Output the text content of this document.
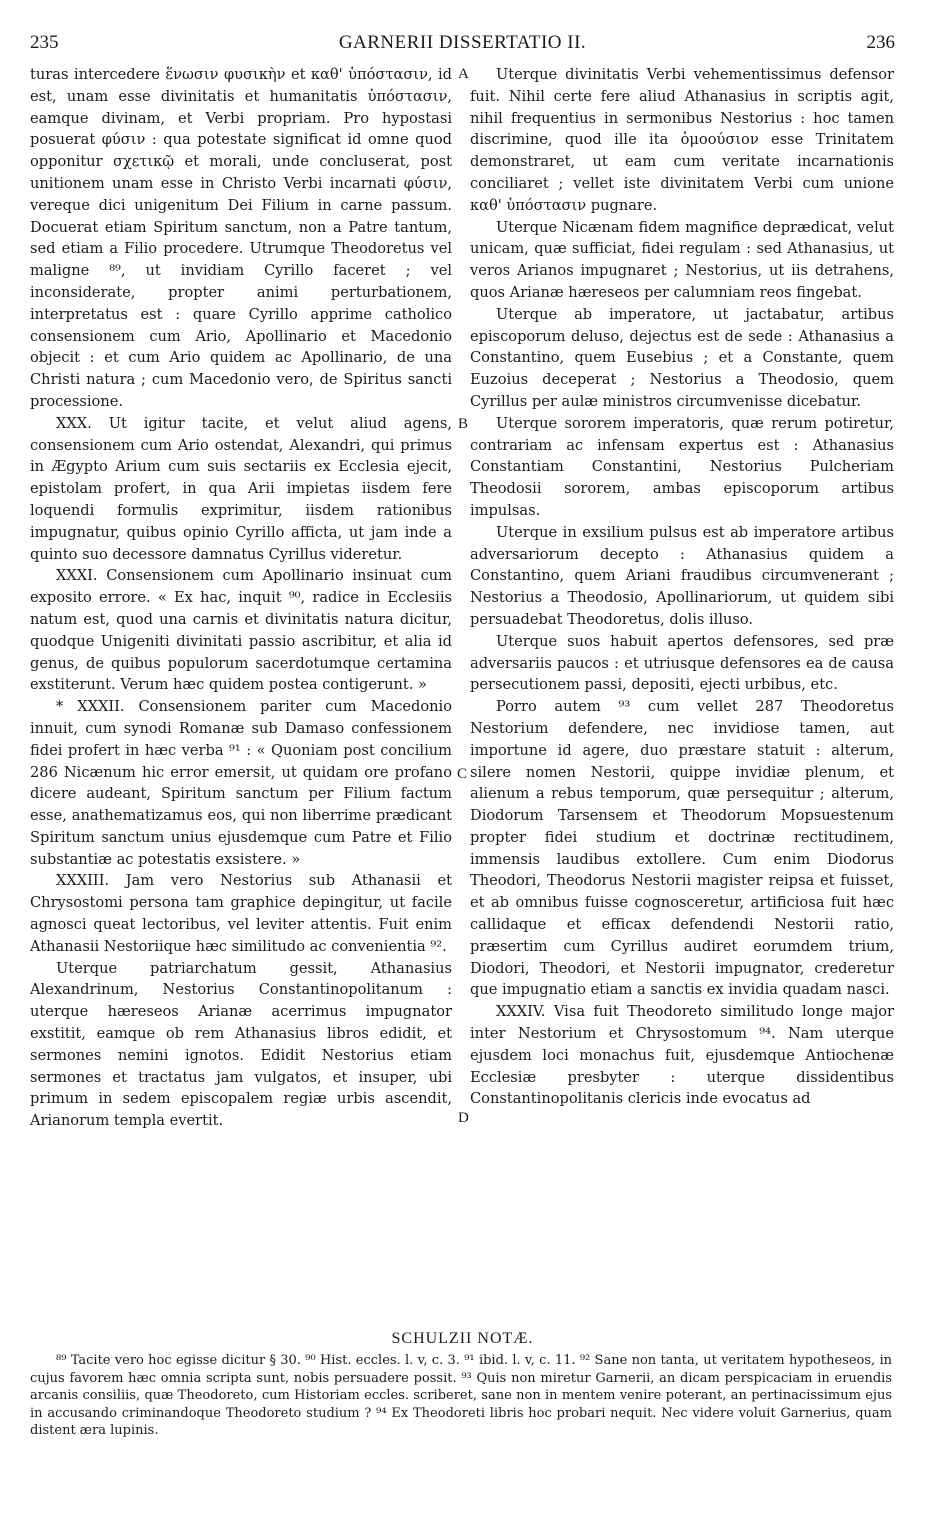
235	GARNERII DISSERTATIO II.	236

turas intercedere ἕνωσιν φυσικὴν et καθ' ὑπόστασιν, id est, unam esse divinitatis et humanitatis ὑπόστασιν, eamque divinam, et Verbi propriam. Pro hypostasi posuerat φύσιν : qua potestate significat id omne quod opponitur σχετικῷ et morali, unde concluserat, post unitionem unam esse in Christo Verbi incarnati φύσιν, vereque dici unigenitum Dei Filium in carne passum. Docuerat etiam Spiritum sanctum, non a Patre tantum, sed etiam a Filio procedere. Utrumque Theodoretus vel maligne ⁸⁹, ut invidiam Cyrillo faceret ; vel inconsiderate, propter animi perturbationem, interpretatus est : quare Cyrillo apprime catholico consensionem cum Ario, Apollinario et Macedonio objecit : et cum Ario quidem ac Apollinario, de una Christi natura ; cum Macedonio vero, de Spiritus sancti processione.

XXX. Ut igitur tacite, et velut aliud agens, consensionem cum Ario ostendat, Alexandri, qui primus in Ægypto Arium cum suis sectariis ex Ecclesia ejecit, epistolam profert, in qua Arii impietas iisdem fere loquendi formulis exprimitur, iisdem rationibus impugnatur, quibus opinio Cyrillo afficta, ut jam inde a quinto suo decessore damnatus Cyrillus videretur.

XXXI. Consensionem cum Apollinario insinuat cum exposito errore. « Ex hac, inquit ⁹⁰, radice in Ecclesiis natum est, quod una carnis et divinitatis natura dicitur, quodque Unigeniti divinitati passio ascribitur, et alia id genus, de quibus populorum sacerdotumque certamina exstiterunt. Verum hæc quidem postea contigerunt. »

* XXXII. Consensionem pariter cum Macedonio innuit, cum synodi Romanæ sub Damaso confessionem fidei profert in hæc verba ⁹¹ : « Quoniam post concilium 286 Nicænum hic error emersit, ut quidam ore profano dicere audeant, Spiritum sanctum per Filium factum esse, anathematizamus eos, qui non liberrime prædicant Spiritum sanctum unius ejusdemque cum Patre et Filio substantiæ ac potestatis exsistere. »

XXXIII. Jam vero Nestorius sub Athanasii et Chrysostomi persona tam graphice depingitur, ut facile agnosci queat lectoribus, vel leviter attentis. Fuit enim Athanasii Nestoriique hæc similitudo ac convenientia ⁹².

Uterque patriarchatum gessit, Athanasius Alexandrinum, Nestorius Constantinopolitanum : uterque hæreseos Arianæ acerrimus impugnator exstitit, eamque ob rem Athanasius libros edidit, et sermones nemini ignotos. Edidit Nestorius etiam sermones et tractatus jam vulgatos, et insuper, ubi primum in sedem episcopalem regiæ urbis ascendit, Arianorum templa evertit.

A
B
C
D

Uterque divinitatis Verbi vehementissimus defensor fuit. Nihil certe fere aliud Athanasius in scriptis agit, nihil frequentius in sermonibus Nestorius : hoc tamen discrimine, quod ille ita ὁμοούσιον esse Trinitatem demonstraret, ut eam cum veritate incarnationis conciliaret ; vellet iste divinitatem Verbi cum unione καθ' ὑπόστασιν pugnare.

Uterque Nicænam fidem magnifice deprædicat, velut unicam, quæ sufficiat, fidei regulam : sed Athanasius, ut veros Arianos impugnaret ; Nestorius, ut iis detrahens, quos Arianæ hæreseos per calumniam reos fingebat.

Uterque ab imperatore, ut jactabatur, artibus episcoporum deluso, dejectus est de sede : Athanasius a Constantino, quem Eusebius ; et a Constante, quem Euzoius deceperat ; Nestorius a Theodosio, quem Cyrillus per aulæ ministros circumvenisse dicebatur.

Uterque sororem imperatoris, quæ rerum potiretur, contrariam ac infensam expertus est : Athanasius Constantiam Constantini, Nestorius Pulcheriam Theodosii sororem, ambas episcoporum artibus impulsas.

Uterque in exsilium pulsus est ab imperatore artibus adversariorum decepto : Athanasius quidem a Constantino, quem Ariani fraudibus circumvenerant ; Nestorius a Theodosio, Apollinariorum, ut quidem sibi persuadebat Theodoretus, dolis illuso.

Uterque suos habuit apertos defensores, sed præ adversariis paucos : et utriusque defensores ea de causa persecutionem passi, depositi, ejecti urbibus, etc.

Porro autem ⁹³ cum vellet 287 Theodoretus Nestorium defendere, nec invidiose tamen, aut importune id agere, duo præstare statuit : alterum, silere nomen Nestorii, quippe invidiæ plenum, et alienum a rebus temporum, quæ persequitur ; alterum, Diodorum Tarsensem et Theodorum Mopsuestenum propter fidei studium et doctrinæ rectitudinem, immensis laudibus extollere. Cum enim Diodorus Theodori, Theodorus Nestorii magister reipsa et fuisset, et ab omnibus fuisse cognosceretur, artificiosa fuit hæc callidaque et efficax defendendi Nestorii ratio, præsertim cum Cyrillus audiret eorumdem trium, Diodori, Theodori, et Nestorii impugnator, crederetur que impugnatio etiam a sanctis ex invidia quadam nasci.

XXXIV. Visa fuit Theodoreto similitudo longe major inter Nestorium et Chrysostomum ⁹⁴. Nam uterque ejusdem loci monachus fuit, ejusdemque Antiochenæ Ecclesiæ presbyter : uterque dissidentibus Constantinopolitanis clericis inde evocatus ad

SCHULZII NOTÆ.

⁸⁹ Tacite vero hoc egisse dicitur § 30. ⁹⁰ Hist. eccles. l. v, c. 3. ⁹¹ ibid. l. v, c. 11. ⁹² Sane non tanta, ut veritatem hypotheseos, in cujus favorem hæc omnia scripta sunt, nobis persuadere possit. ⁹³ Quis non miretur Garnerii, an dicam perspicaciam in eruendis arcanis consiliis, quæ Theodoreto, cum Historiam eccles. scriberet, sane non in mentem venire poterant, an pertinacissimum ejus in accusando criminandoque Theodoreto studium ? ⁹⁴ Ex Theodoreti libris hoc probari nequit. Nec videre voluit Garnerius, quam distent æra lupinis.
